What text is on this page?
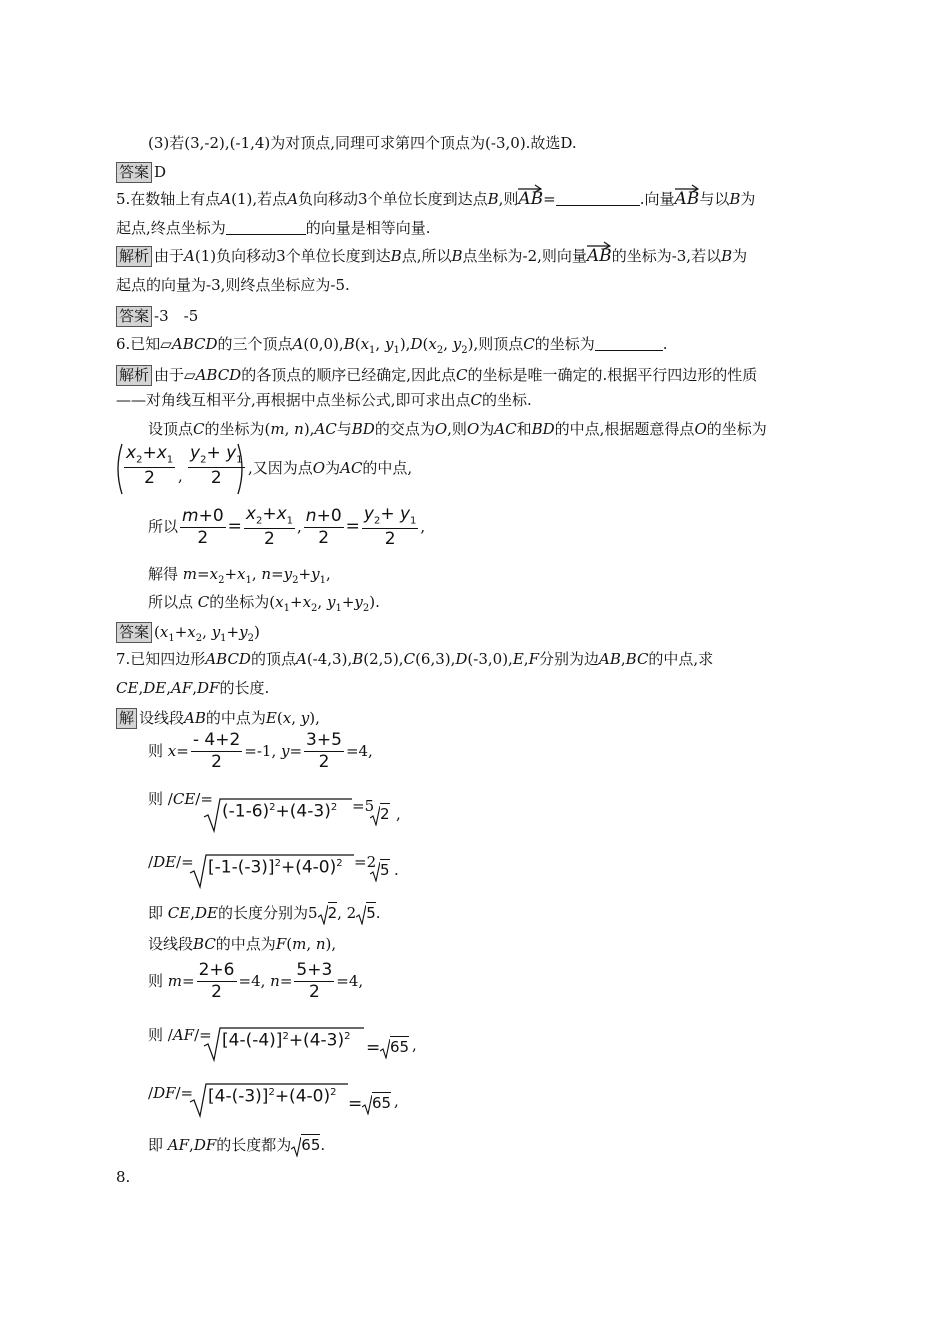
(3)若(3,-2),(-1,4)为对顶点,同理可求第四个顶点为(-3,0).故选D.
答案 D
5.在数轴上有点A(1),若点A负向移动3个单位长度到达点B,则AB
=	.向量AB
与以B为
起点,终点坐标为	的向量是相等向量.
解析 由于A(1)负向移动3个单位长度到达B点,所以B点坐标为-2,则向量AB
的坐标为-3,若以B为
起点的向量为-3,则终点坐标应为-5.
答案 -3　-5
6.已知▱ABCD的三个顶点$A(0,0),B(x_1$, $y_1),D(x_2$, $y_2$),则顶点C的坐标为	.
解析 由于▱ABCD的各顶点的顺序已经确定,因此点C的坐标是唯一确定的.根据平行四边形的性质
——对角线互相平分,再根据中点坐标公式,即可求出点C的坐标.
设顶点C的坐标为(m, n),AC与BD的交点为O,则O为AC和BD的中点,根据题意得点O的坐标为
$\frac{x_2+x_1}{2}$ , $\frac{y_2+ y_1}{2}$ ,又因为点O为AC的中点,
所以 $\frac{m+0}{2} = \frac{x_2+x_1}{2}$ , $\frac{n+0}{2} = \frac{y_2+ y_1}{2}$ ,
解得 $m=x_2+x_1$, $n=y_2+y_1$,
所以点 C的坐标为($x_1+x_2$, $y_1+y_2$).
答案 ($x_1+x_2$, $y_1+y_2$)
7.已知四边形ABCD的顶点A(-4,3),B(2,5),C(6,3),D(-3,0),E,F分别为边AB,BC的中点,求
CE,DE,AF,DF的长度.
解 设线段AB的中点为E(x, y),
则 $x= \frac{- 4+2}{2} =-1$, $y= \frac{3+5}{2} =4$,
则 /CE/=
$(-1-6)^2+(4-3)^2 =5$ 2 ,
$/DE/= [-1-(-3)]^2+(4-0)^2 =2$ 5 .
即 CE,DE的长度分别为5 2, 2 5.
设线段BC的中点为F(m, n),
则 $m= \frac{2+6}{2} =4$, $n= \frac{5+3}{2} =4$,
则 $/AF/= [4-(-4)]^2+(4-3)^2$
= 65 ,
$/DF/= [4-(-3)]^2+(4-0)^2$
= 65 ,
即 AF,DF的长度都为 65.
8.
